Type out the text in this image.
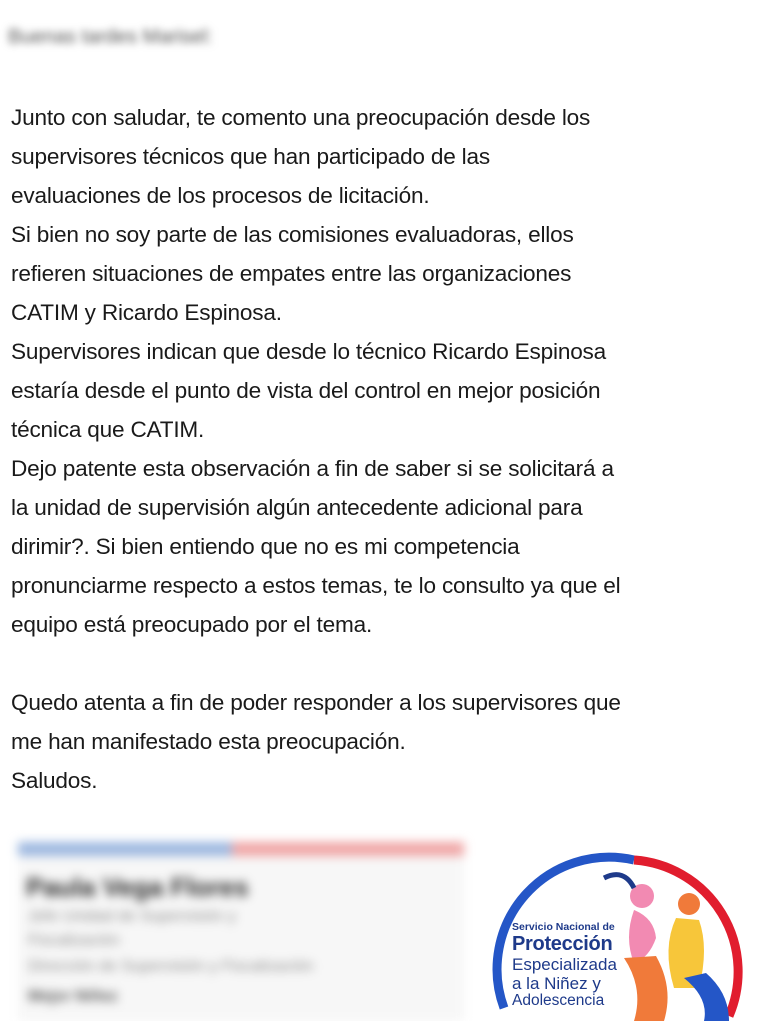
Buenas tardes Marisel:
Junto con saludar, te comento una preocupación desde los
supervisores técnicos que han participado de las
evaluaciones de los procesos de licitación.
Si bien no soy parte de las comisiones evaluadoras, ellos
refieren situaciones de empates entre las organizaciones
CATIM y Ricardo Espinosa.
Supervisores indican que desde lo técnico Ricardo Espinosa
estaría desde el punto de vista del control en mejor posición
técnica que CATIM.
Dejo patente esta observación a fin de saber si se solicitará a
la unidad de supervisión algún antecedente adicional para
dirimir?. Si bien entiendo que no es mi competencia
pronunciarme respecto a estos temas, te lo consulto ya que el
equipo está preocupado por el tema.
Quedo atenta a fin de poder responder a los supervisores que
me han manifestado esta preocupación.
Saludos.
Paula Vega Flores
Jefe Unidad de Supervisión y
Fiscalización
Dirección de Supervisión y Fiscalización
Mejor Niñez
Servicio Nacional de
Protección
Especializada
a la Niñez y
Adolescencia
